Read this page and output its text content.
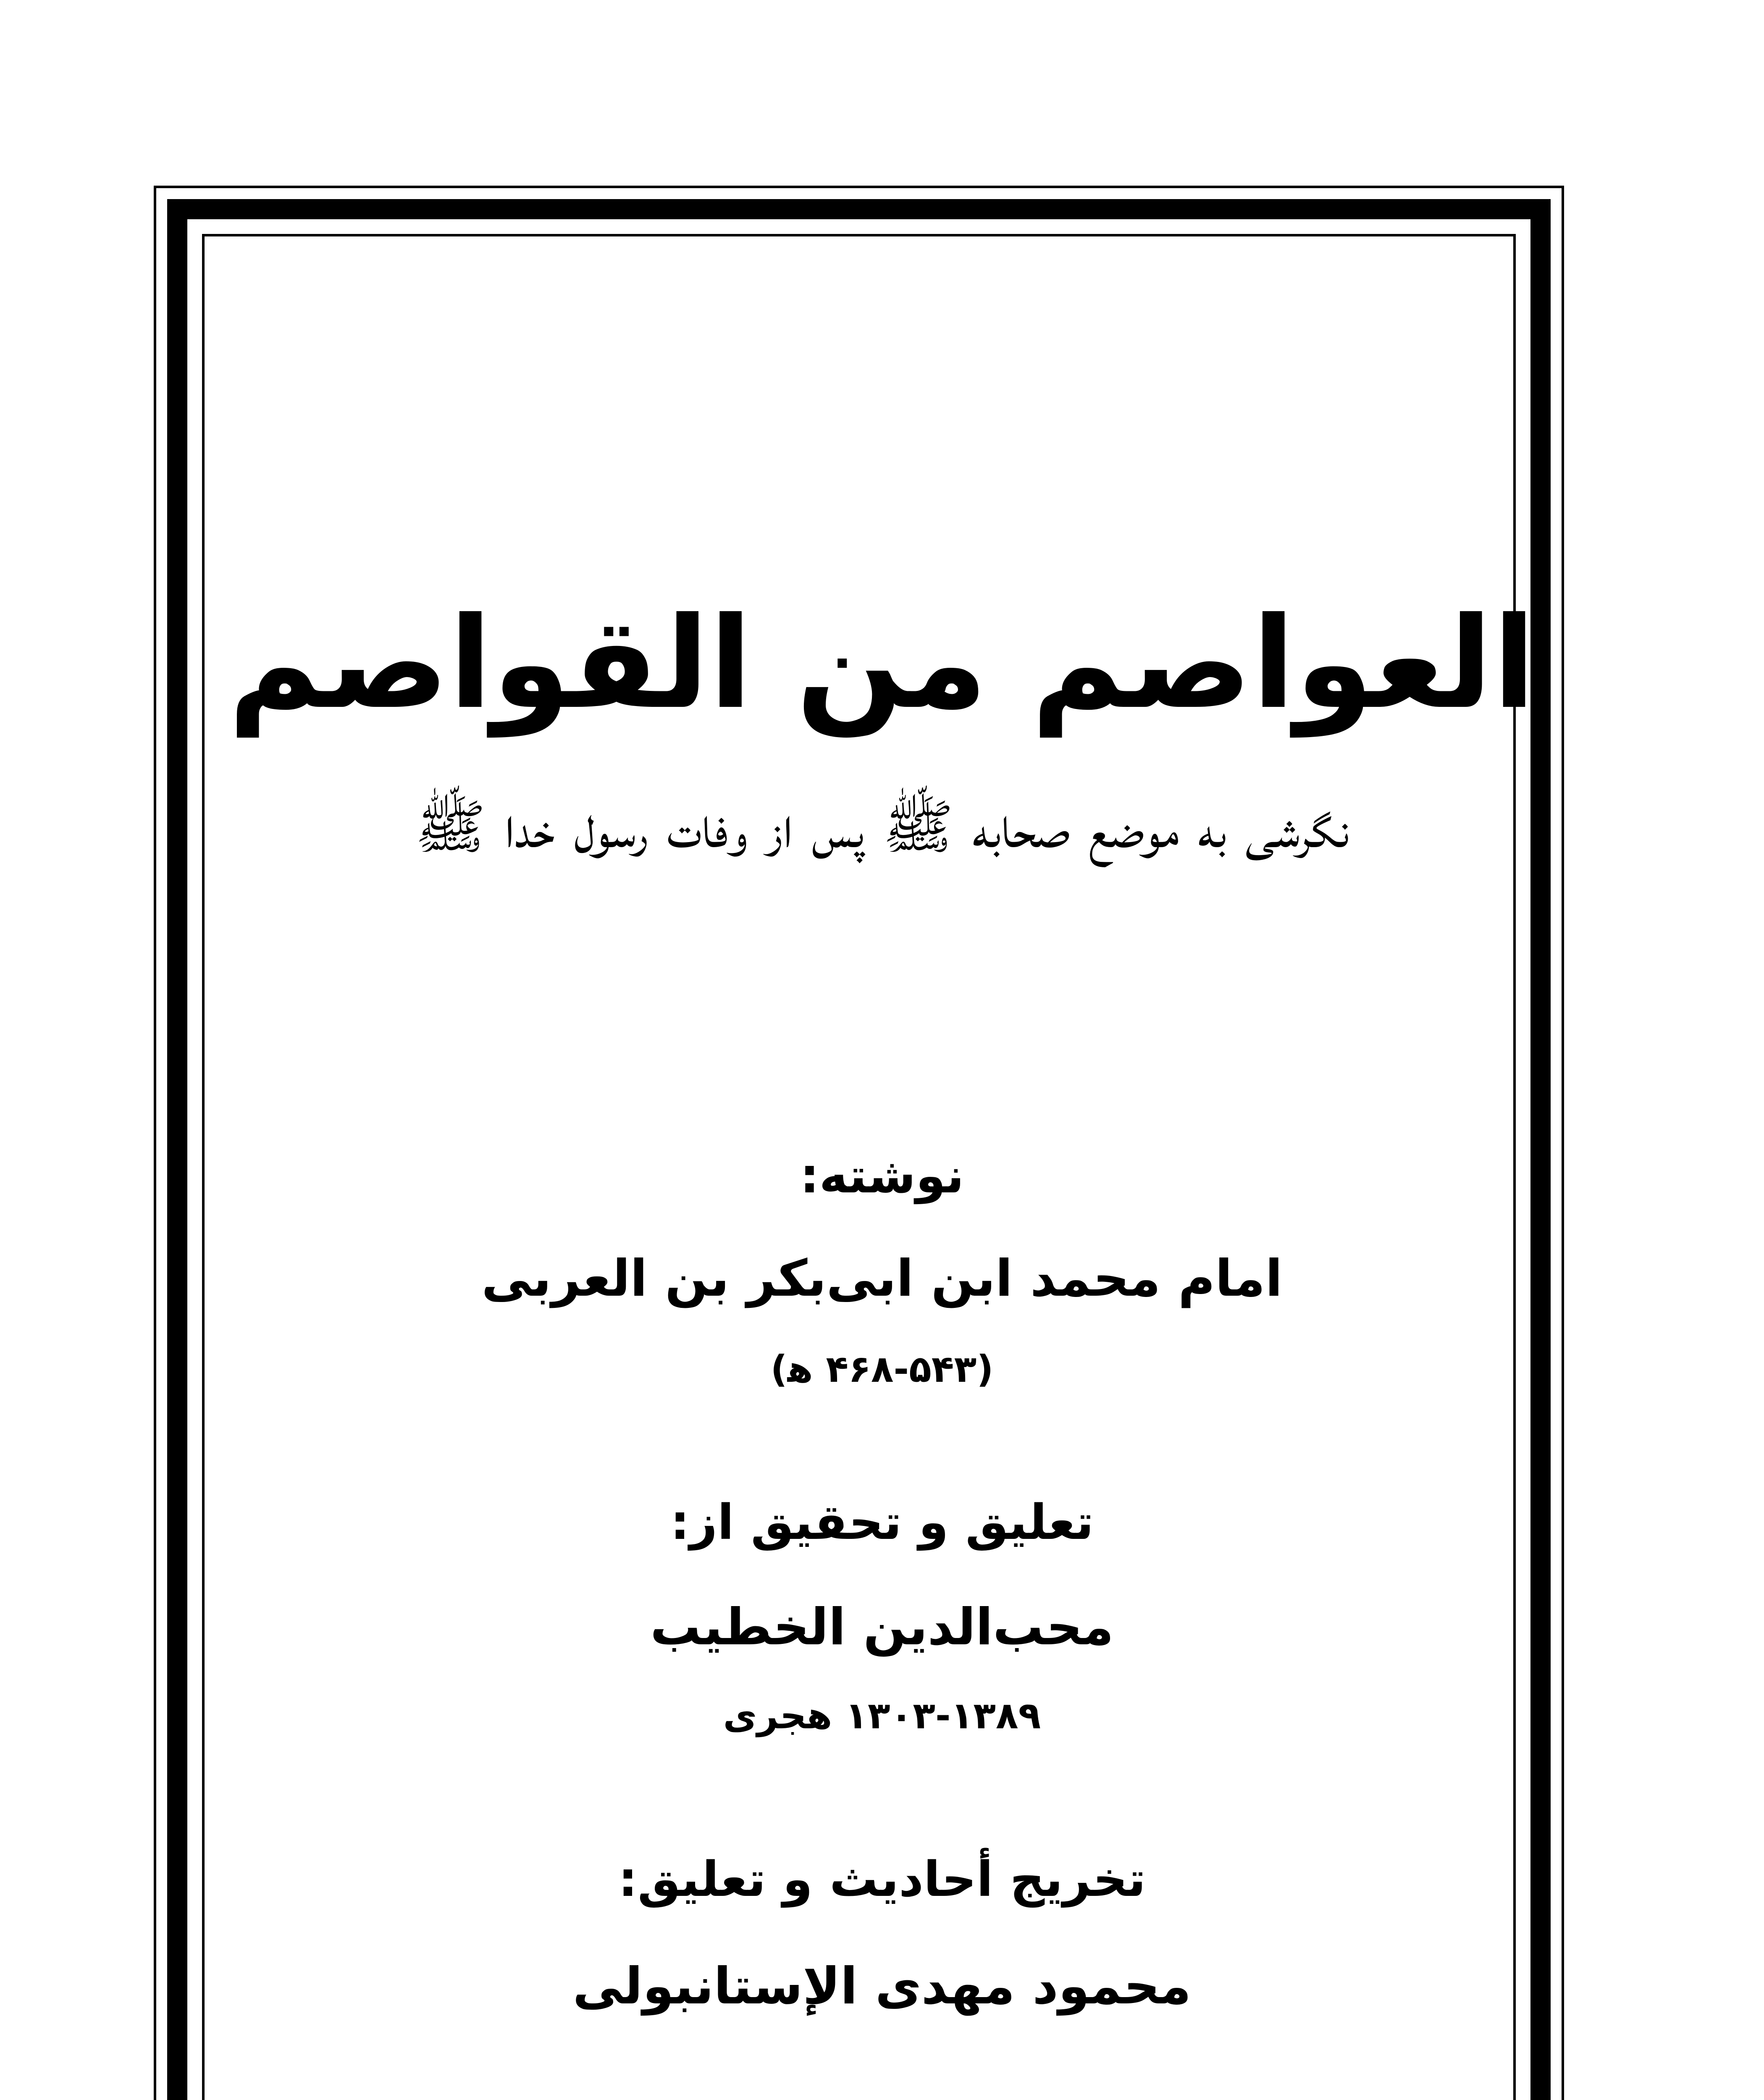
العواصم من القواصم
نگرشی به موضع صحابه ﷺ پس از وفات رسول خدا ﷺ
نوشته:
امام محمد ابن ابی‌بکر بن العربی
(۴۶۸-۵۴۳ ﻫ)
تعلیق و تحقیق از:
محب‌الدین الخطیب
۱۳۰۳-۱۳۸۹ هجری
تخریج أحادیث و تعلیق:
محمود مهدی الإستانبولی
